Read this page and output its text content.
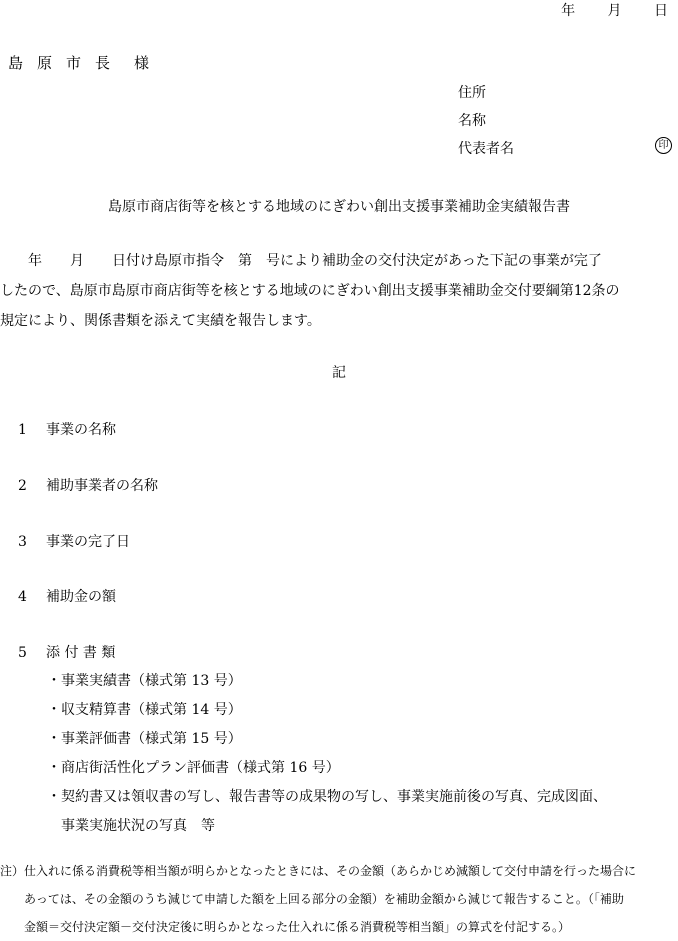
年 月 日
島原市長 様
住所
名称
代表者名	印
島原市商店街等を核とする地域のにぎわい創出支援事業補助金実績報告書
　　年　　月　　日付け島原市指令　第　号により補助金の交付決定があった下記の事業が完了
したので、島原市島原市商店街等を核とする地域のにぎわい創出支援事業補助金交付要綱第12条の
規定により、関係書類を添えて実績を報告します。
記
1 事業の名称
2 補助事業者の名称
3 事業の完了日
4 補助金の額
5 添 付 書 類
・事業実績書（様式第 13 号）
・収支精算書（様式第 14 号）
・事業評価書（様式第 15 号）
・商店街活性化プラン評価書（様式第 16 号）
・契約書又は領収書の写し、報告書等の成果物の写し、事業実施前後の写真、完成図面、
　事業実施状況の写真　等
注）仕入れに係る消費税等相当額が明らかとなったときには、その金額（あらかじめ減額して交付申請を行った場合に
　　あっては、その金額のうち減じて申請した額を上回る部分の金額）を補助金額から減じて報告すること。（「補助
　　金額＝交付決定額－交付決定後に明らかとなった仕入れに係る消費税等相当額」の算式を付記する。）
